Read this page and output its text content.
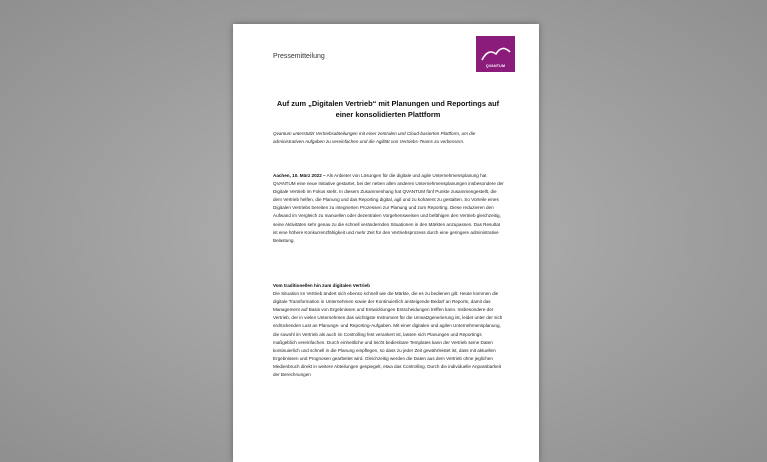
Pressemitteilung
QVANTUM
Auf zum „Digitalen Vertrieb“ mit Planungen und Reportings auf
einer konsolidierten Plattform
Qvantum unterstützt Vertriebsabteilungen mit einer zentralen und Cloud-basierten Plattform, um die administrativen Aufgaben zu vereinfachen und die Agilität von Vertriebs-Teams zu verbessern.
Aachen, 10. März 2022 – Als Anbieter von Lösungen für die digitale und agile Unternehmensplanung hat QVANTUM eine neue Initiative gestartet, bei der neben allen anderen Unternehmensplanungen insbesondere der Digitale Vertrieb im Fokus steht. In diesem Zusammenhang hat QVANTUM fünf Punkte zusammengestellt, die dem Vertrieb helfen, die Planung und das Reporting digital, agil und zu kohärent zu gestalten. So Vorteile eines Digitalen Vertriebs bereiten zu integrierten Prozessen zur Planung und zum Reporting. Diese reduzieren den Aufwand im Vergleich zu manuellen oder dezentralen Vorgehensweisen und befähigen den Vertrieb gleichzeitig, seine Aktivitäten sehr genau zu die schnell verändernden Situationen in den Märkten anzupassen. Das Resultat ist eine höhere Konkurrenzfähigkeit und mehr Zeit für den Vertriebsprozess durch eine geringere administrative Belastung.
Vom traditionellen hin zum digitalen Vertrieb
Die Situation im Vertrieb ändert sich ebenso schnell wie die Märkte, die es zu bedienen gilt. Heute kommen die digitale Transformation in Unternehmen sowie der Kontinuierlich ansteigende Bedarf an Reports, damit das Management auf Basis von Ergebnissen und Entwicklungen Entscheidungen treffen kann. Insbesondere der Vertrieb, der in vielen Unternehmen das wichtigste Instrument für die Umsatzgenerierung ist, leidet unter der sich erdrückenden Last an Planungs- und Reporting-Aufgaben. Mit einer digitalen und agilen Unternehmensplanung, die sowohl im Vertrieb als auch im Controlling fest verankert ist, lassen sich Planungen und Reportings maßgeblich vereinfachen. Durch einheitliche und leicht bedienbare Templates kann der Vertrieb seine Daten kontinuierlich und schnell in die Planung einpflegen, so dass zu jeder Zeit gewährleistet ist, dass mit aktuellen Ergebnissen und Prognosen gearbeitet wird. Gleichzeitig werden die Daten aus dem Vertrieb ohne jeglichen Medienbruch direkt in weitere Abteilungen gespiegelt, etwa das Controlling. Durch die individuelle Anpassbarkeit der Berechnungen
